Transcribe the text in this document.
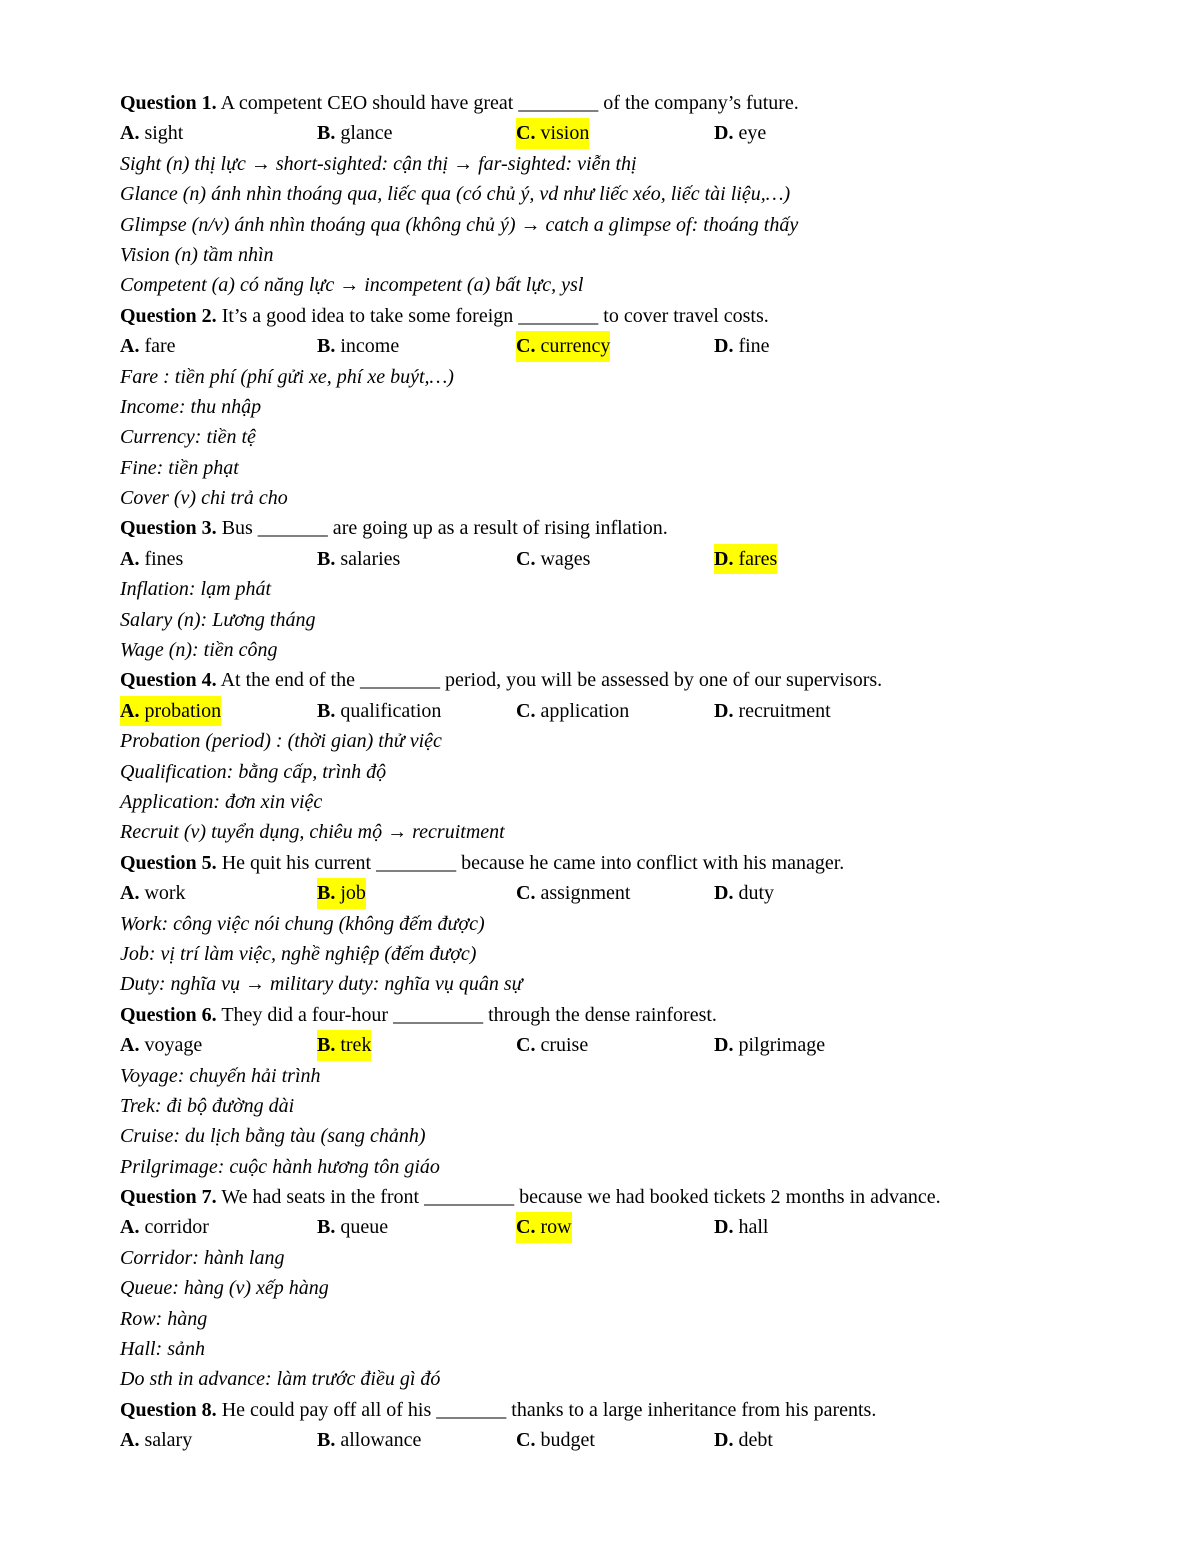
Question 1. A competent CEO should have great ________ of the company’s future.
A. sight	B. glance	C. vision	D. eye
Sight (n) thị lực → short-sighted: cận thị → far-sighted: viễn thị
Glance (n) ánh nhìn thoáng qua, liếc qua (có chủ ý, vd như liếc xéo, liếc tài liệu,…)
Glimpse (n/v) ánh nhìn thoáng qua (không chủ ý) → catch a glimpse of: thoáng thấy
Vision (n) tầm nhìn
Competent (a) có năng lực → incompetent (a) bất lực, ysl
Question 2. It’s a good idea to take some foreign ________ to cover travel costs.
A. fare	B. income	C. currency	D. fine
Fare : tiền phí (phí gửi xe, phí xe buýt,…)
Income: thu nhập
Currency: tiền tệ
Fine: tiền phạt
Cover (v) chi trả cho
Question 3. Bus _______ are going up as a result of rising inflation.
A. fines	B. salaries	C. wages	D. fares
Inflation: lạm phát
Salary (n): Lương tháng
Wage (n): tiền công
Question 4. At the end of the ________ period, you will be assessed by one of our supervisors.
A. probation	B. qualification	C. application	D. recruitment
Probation (period) : (thời gian) thử việc
Qualification: bằng cấp, trình độ
Application: đơn xin việc
Recruit (v) tuyển dụng, chiêu mộ → recruitment
Question 5. He quit his current ________ because he came into conflict with his manager.
A. work	B. job	C. assignment	D. duty
Work: công việc nói chung (không đếm được)
Job: vị trí làm việc, nghề nghiệp (đếm được)
Duty: nghĩa vụ → military duty: nghĩa vụ quân sự
Question 6. They did a four-hour _________ through the dense rainforest.
A. voyage	B. trek	C. cruise	D. pilgrimage
Voyage: chuyến hải trình
Trek: đi bộ đường dài
Cruise: du lịch bằng tàu (sang chảnh)
Prilgrimage: cuộc hành hương tôn giáo
Question 7. We had seats in the front _________ because we had booked tickets 2 months in advance.
A. corridor	B. queue	C. row	D. hall
Corridor: hành lang
Queue: hàng (v) xếp hàng
Row: hàng
Hall: sảnh
Do sth in advance: làm trước điều gì đó
Question 8. He could pay off all of his _______ thanks to a large inheritance from his parents.
A. salary	B. allowance	C. budget	D. debt
